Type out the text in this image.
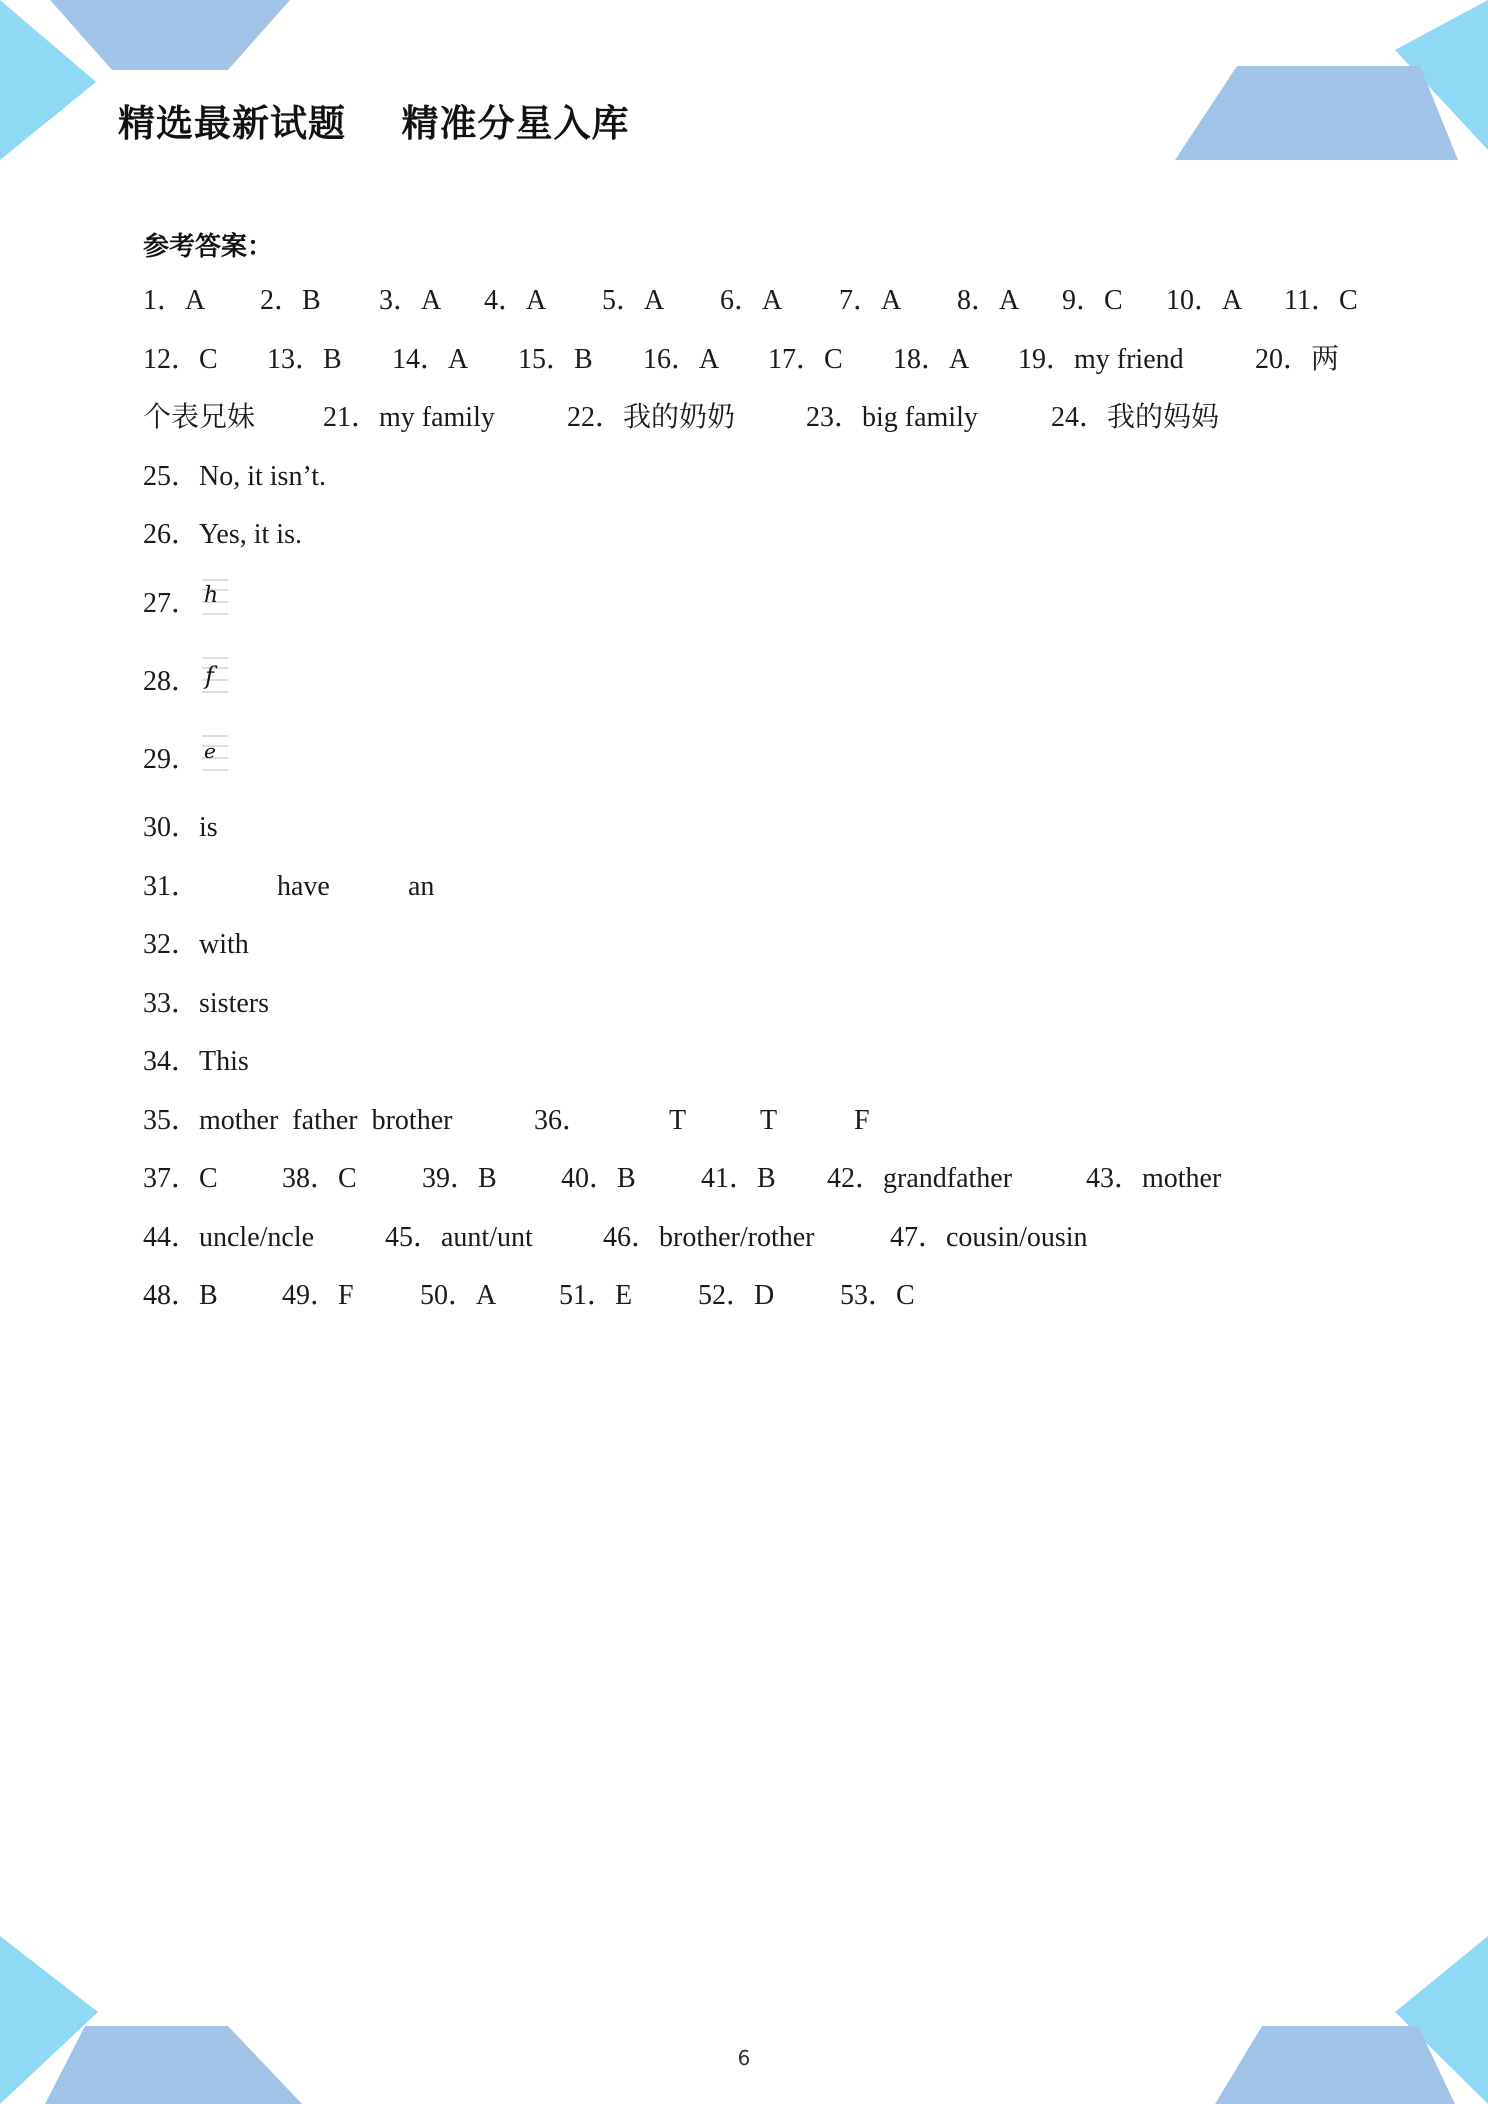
精选最新试题    精准分星入库
参考答案：
1．A 2．B 3．A 4．A 5．A 6．A 7．A 8．A 9．C 10．A 11．C
12．C 13．B 14．A 15．B 16．A 17．C 18．A 19．my friend	20．两
个表兄妹 21．my family	22．我的奶奶	23．big family	24．我的妈妈
25．No, it isn’t.
26．Yes, it is.
27． h
28． f
29． e
30．is
31．	have	an
32．with
33．sisters
34．This
35．mother  father  brother	36．	T	T	F
37．C 38．C 39．B 40．B 41．B 42．grandfather	43．mother
44．uncle/ncle	45．aunt/unt	46．brother/rother	47．cousin/ousin
48．B 49．F 50．A 51．E 52．D 53．C
6
